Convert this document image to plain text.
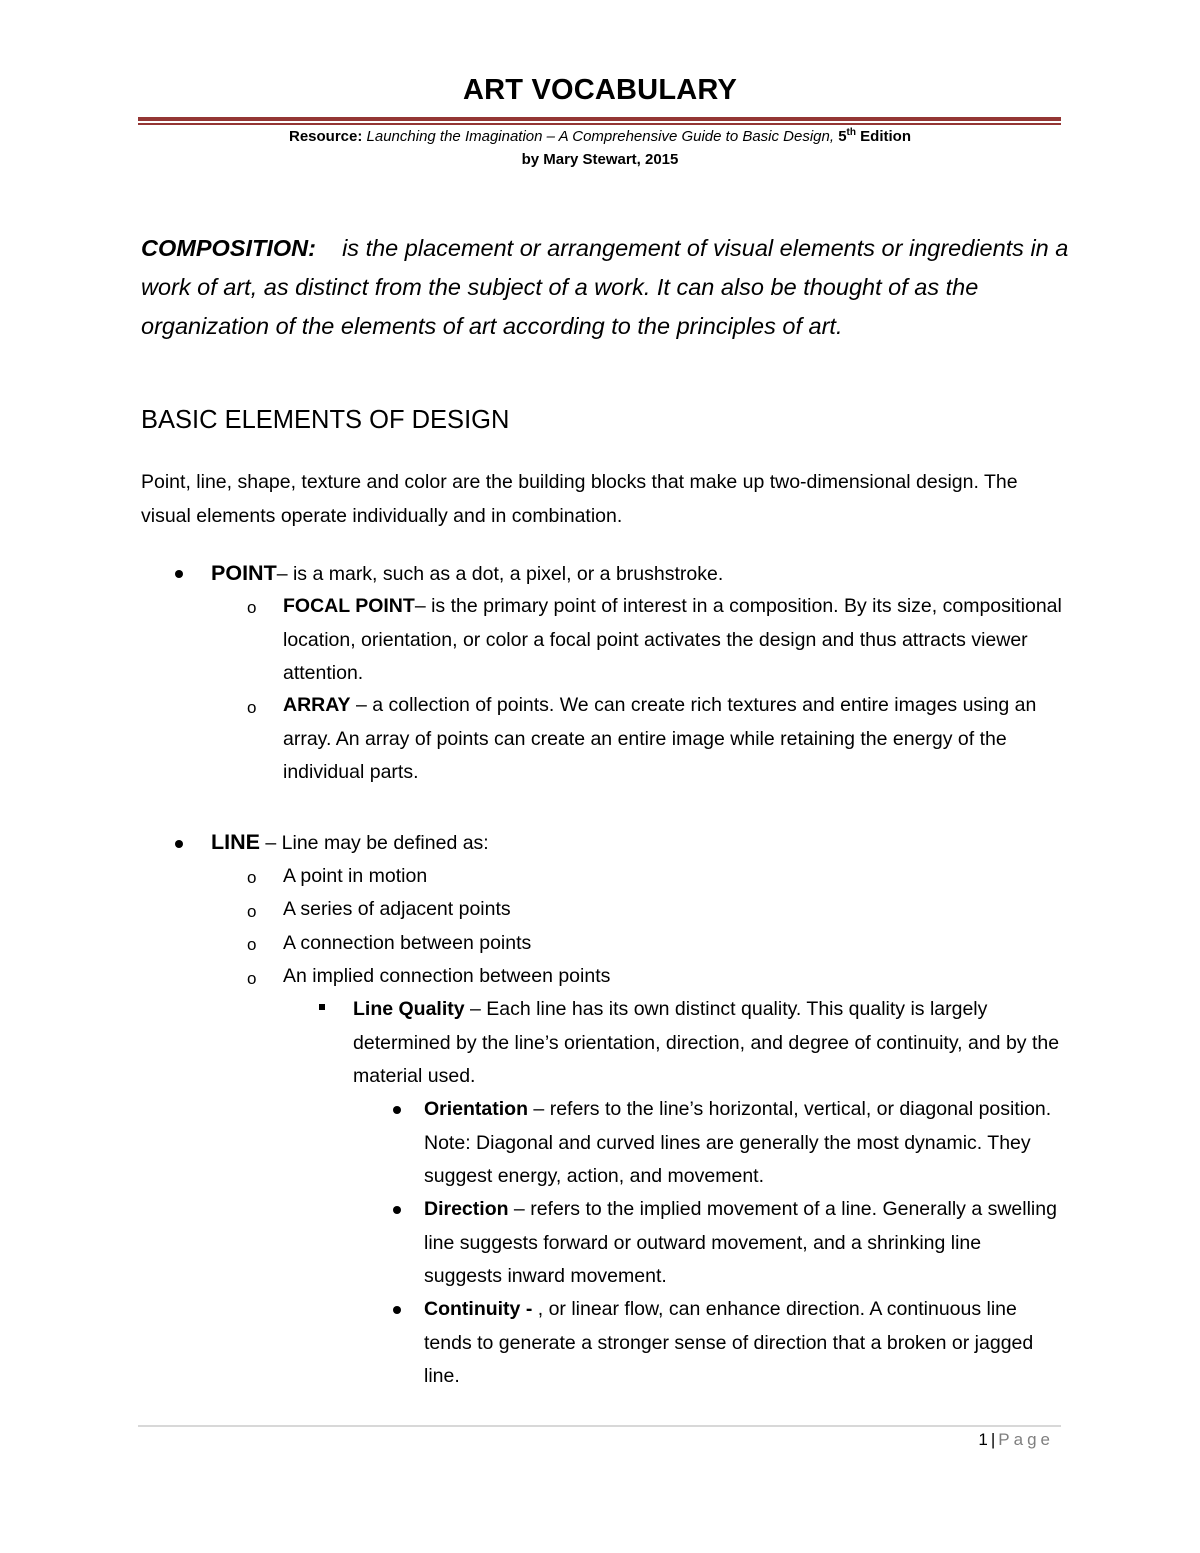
ART VOCABULARY
Resource: Launching the Imagination – A Comprehensive Guide to Basic Design, 5th Edition
by Mary Stewart, 2015
COMPOSITION: is the placement or arrangement of visual elements or ingredients in a work of art, as distinct from the subject of a work. It can also be thought of as the organization of the elements of art according to the principles of art.
BASIC ELEMENTS OF DESIGN
Point, line, shape, texture and color are the building blocks that make up two-dimensional design. The visual elements operate individually and in combination.
POINT– is a mark, such as a dot, a pixel, or a brushstroke.
o FOCAL POINT– is the primary point of interest in a composition. By its size, compositional location, orientation, or color a focal point activates the design and thus attracts viewer attention.
o ARRAY – a collection of points. We can create rich textures and entire images using an array. An array of points can create an entire image while retaining the energy of the individual parts.
LINE – Line may be defined as:
o A point in motion
o A series of adjacent points
o A connection between points
o An implied connection between points
Line Quality – Each line has its own distinct quality. This quality is largely determined by the line’s orientation, direction, and degree of continuity, and by the material used.
Orientation – refers to the line’s horizontal, vertical, or diagonal position. Note: Diagonal and curved lines are generally the most dynamic. They suggest energy, action, and movement.
Direction – refers to the implied movement of a line. Generally a swelling line suggests forward or outward movement, and a shrinking line suggests inward movement.
Continuity - , or linear flow, can enhance direction. A continuous line tends to generate a stronger sense of direction that a broken or jagged line.
1 | Page
